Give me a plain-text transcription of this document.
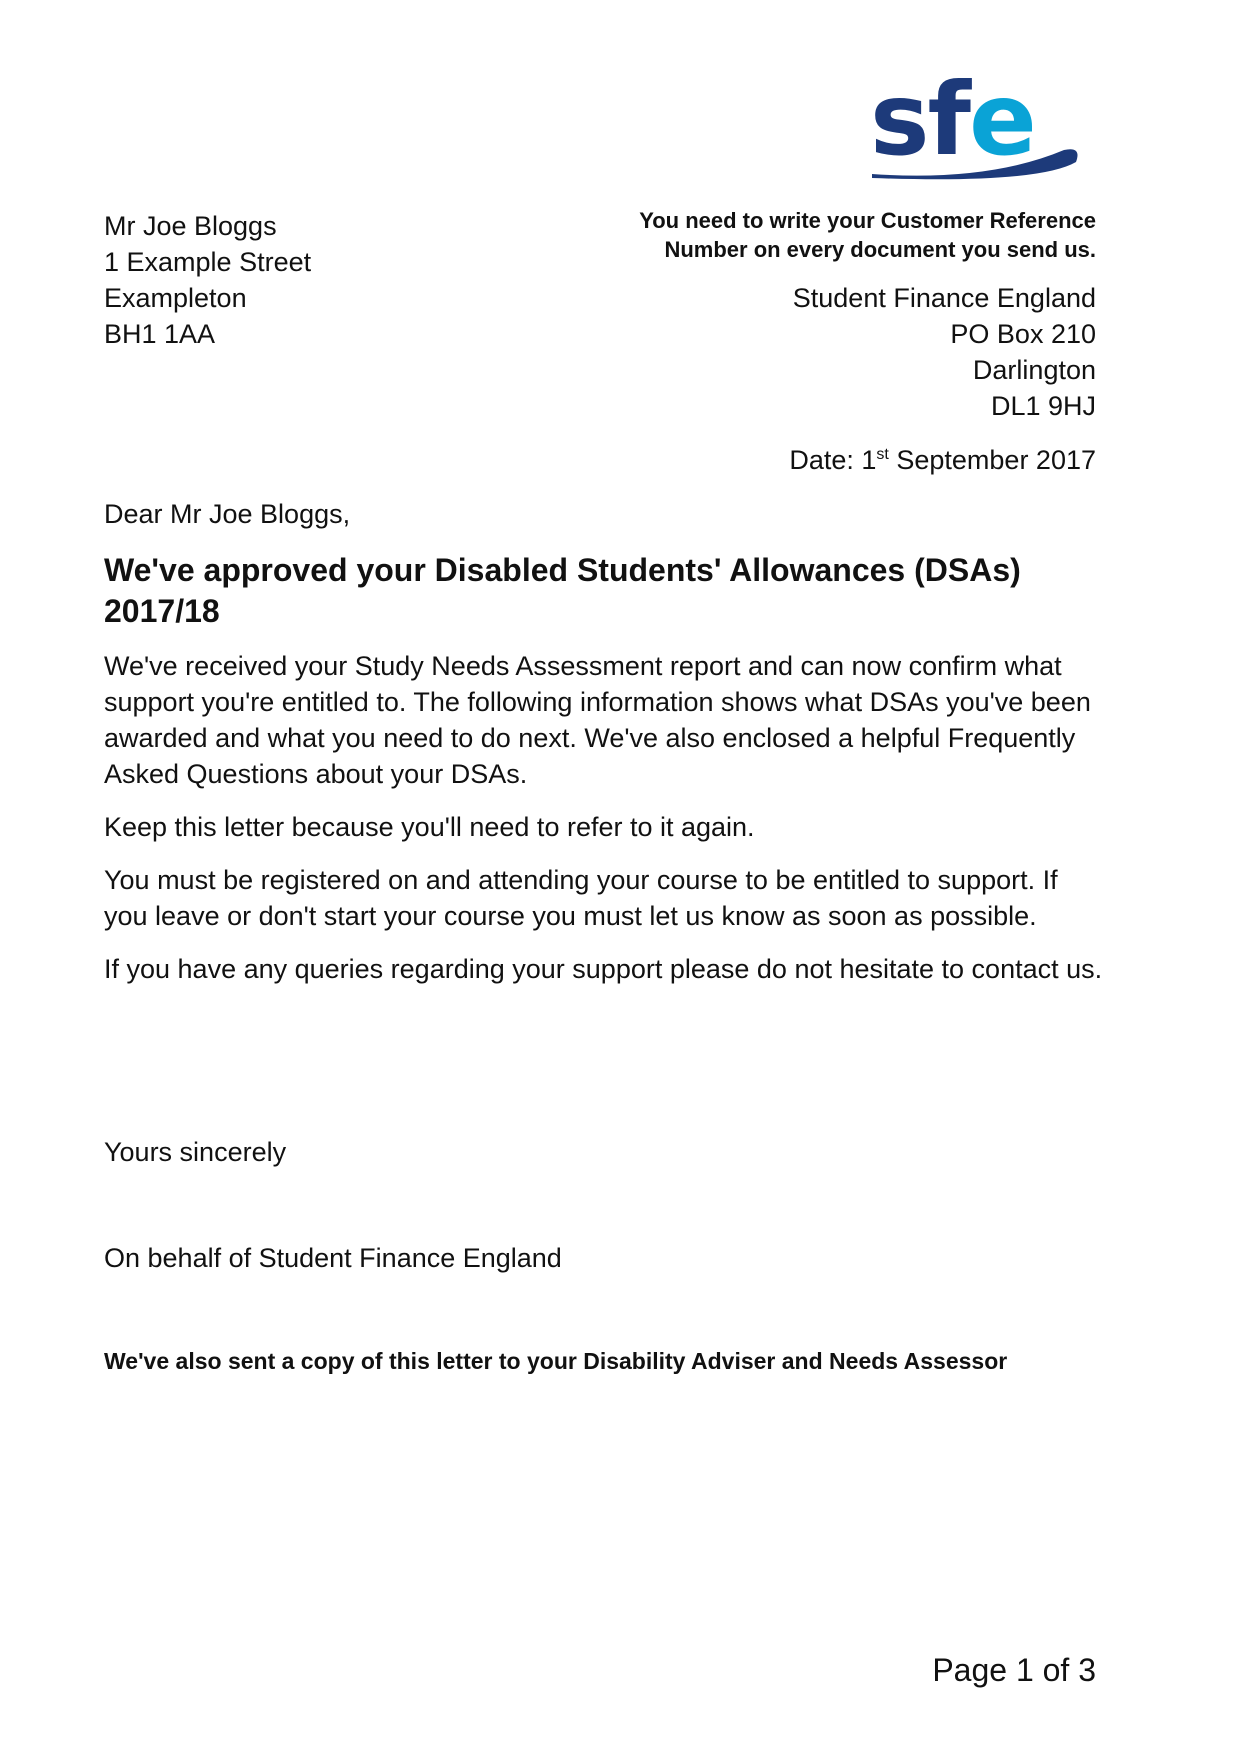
sfe
Mr Joe Bloggs
1 Example Street
Exampleton
BH1 1AA
You need to write your Customer Reference
Number on every document you send us.
Student Finance England
PO Box 210
Darlington
DL1 9HJ
Date: 1st September 2017
Dear Mr Joe Bloggs,
We've approved your Disabled Students' Allowances (DSAs) 2017/18

We've received your Study Needs Assessment report and can now confirm what support you're entitled to. The following information shows what DSAs you've been awarded and what you need to do next. We've also enclosed a helpful Frequently Asked Questions about your DSAs.

Keep this letter because you'll need to refer to it again.

You must be registered on and attending your course to be entitled to support. If you leave or don't start your course you must let us know as soon as possible.

If you have any queries regarding your support please do not hesitate to contact us.

Yours sincerely
On behalf of Student Finance England
We've also sent a copy of this letter to your Disability Adviser and Needs Assessor
Page 1 of 3
